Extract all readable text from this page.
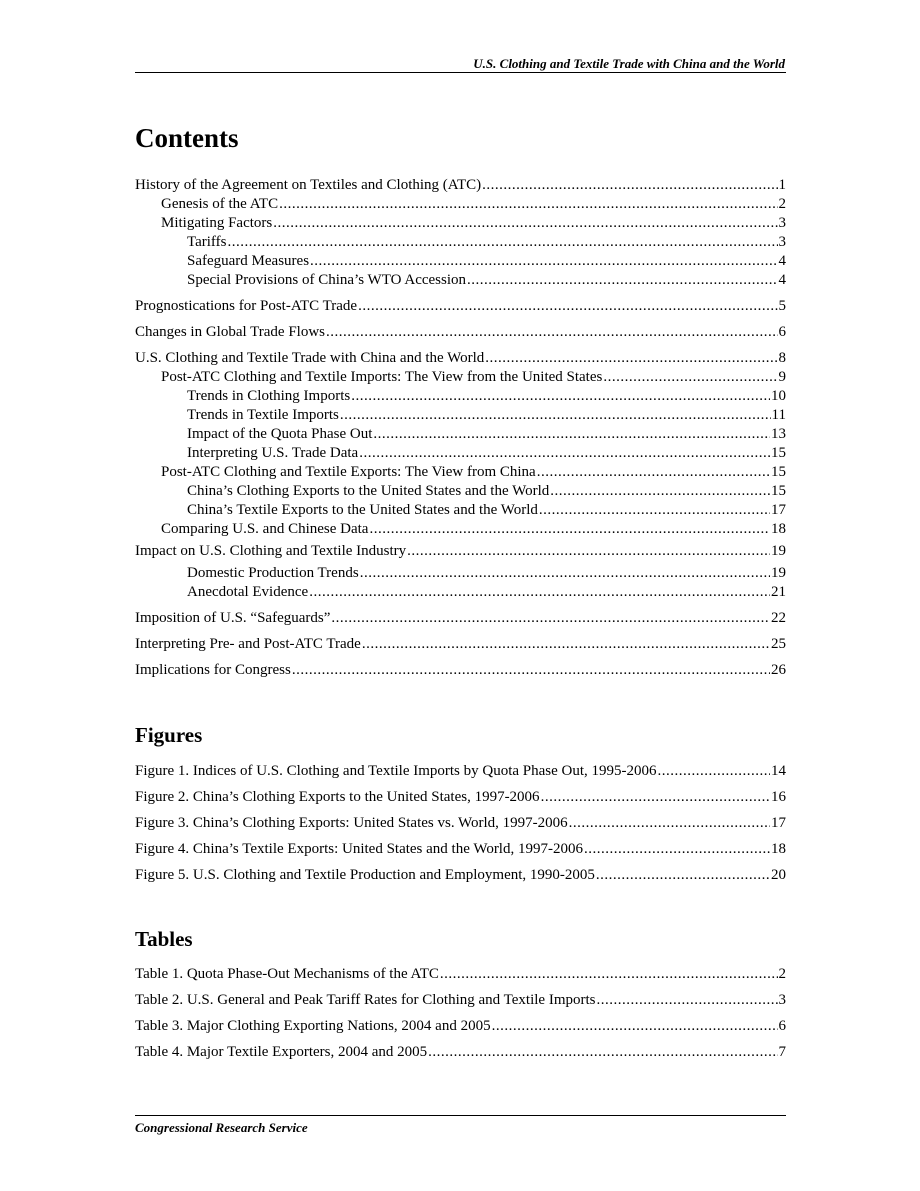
U.S. Clothing and Textile Trade with China and the World
Contents
History of the Agreement on Textiles and Clothing (ATC) .....	1
Genesis of the ATC .....	2
Mitigating Factors .....	3
Tariffs .....	3
Safeguard Measures .....	4
Special Provisions of China’s WTO Accession .....	4
Prognostications for Post-ATC Trade .....	5
Changes in Global Trade Flows .....	6
U.S. Clothing and Textile Trade with China and the World .....	8
Post-ATC Clothing and Textile Imports: The View from the United States .....	9
Trends in Clothing Imports .....	10
Trends in Textile Imports .....	11
Impact of the Quota Phase Out .....	13
Interpreting U.S. Trade Data .....	15
Post-ATC Clothing and Textile Exports: The View from China .....	15
China’s Clothing Exports to the United States and the World .....	15
China’s Textile Exports to the United States and the World .....	17
Comparing U.S. and Chinese Data .....	18
Impact on U.S. Clothing and Textile Industry .....	19
Domestic Production Trends .....	19
Anecdotal Evidence .....	21
Imposition of U.S. “Safeguards” .....	22
Interpreting Pre- and Post-ATC Trade .....	25
Implications for Congress .....	26
Figures
Figure 1. Indices of U.S. Clothing and Textile Imports by Quota Phase Out, 1995-2006 .....	14
Figure 2. China’s Clothing Exports to the United States, 1997-2006 .....	16
Figure 3. China’s Clothing Exports: United States vs. World, 1997-2006 .....	17
Figure 4. China’s Textile Exports: United States and the World, 1997-2006 .....	18
Figure 5. U.S. Clothing and Textile Production and Employment, 1990-2005 .....	20
Tables
Table 1. Quota Phase-Out Mechanisms of the ATC .....	2
Table 2. U.S. General and Peak Tariff Rates for Clothing and Textile Imports .....	3
Table 3. Major Clothing Exporting Nations, 2004 and 2005 .....	6
Table 4. Major Textile Exporters, 2004 and 2005 .....	7
Congressional Research Service
